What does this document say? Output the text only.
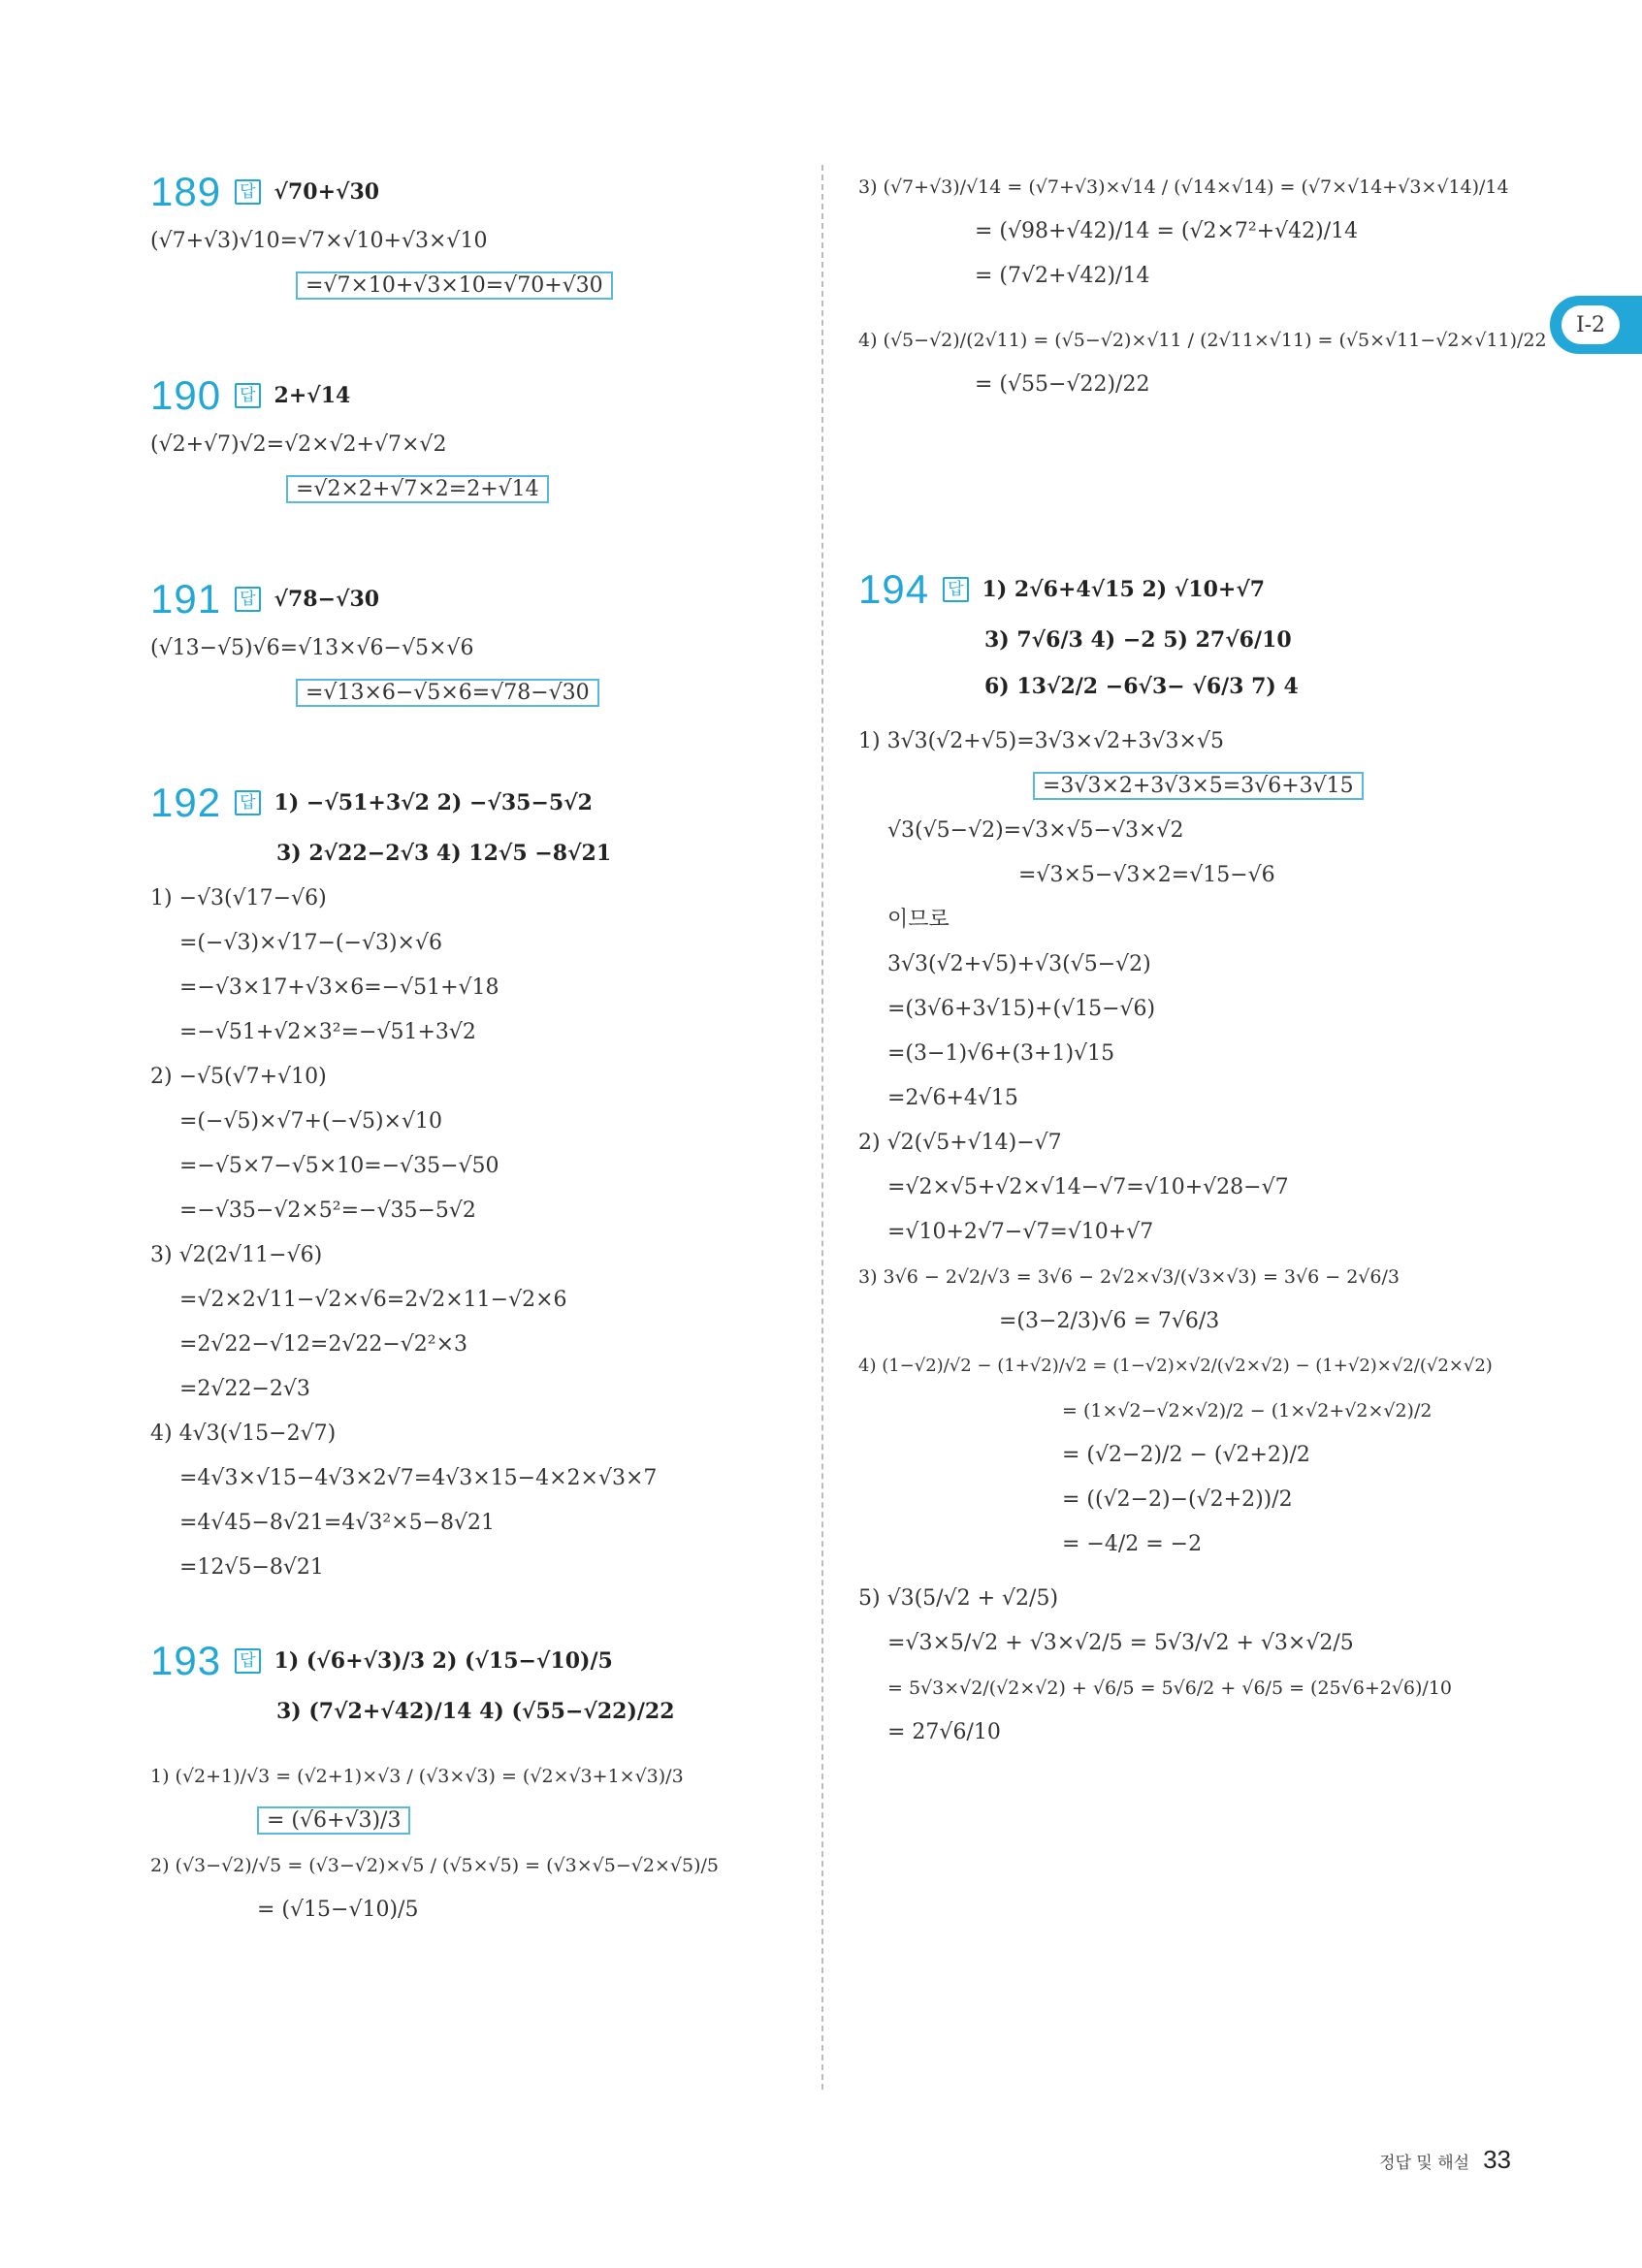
I-2
189 답 √70+√30
(√7+√3)√10=√7×√10+√3×√10
=√7×10+√3×10=√70+√30
190 답 2+√14
(√2+√7)√2=√2×√2+√7×√2
=√2×2+√7×2=2+√14
191 답 √78−√30
(√13−√5)√6=√13×√6−√5×√6
=√13×6−√5×6=√78−√30
192 답 1) −√51+3√2 2) −√35−5√2
3) 2√22−2√3 4) 12√5 −8√21
1) −√3(√17−√6)
=(−√3)×√17−(−√3)×√6
=−√3×17+√3×6=−√51+√18
=−√51+√2×3²=−√51+3√2
2) −√5(√7+√10)
=(−√5)×√7+(−√5)×√10
=−√5×7−√5×10=−√35−√50
=−√35−√2×5²=−√35−5√2
3) √2(2√11−√6)
=√2×2√11−√2×√6=2√2×11−√2×6
=2√22−√12=2√22−√2²×3
=2√22−2√3
4) 4√3(√15−2√7)
=4√3×√15−4√3×2√7=4√3×15−4×2×√3×7
=4√45−8√21=4√3²×5−8√21
=12√5−8√21
193 답 1) (√6+√3)/3 2) (√15−√10)/5
3) (7√2+√42)/14 4) (√55−√22)/22
1) (√2+1)/√3 = (√2+1)×√3 / (√3×√3) = (√2×√3+1×√3)/3
= (√6+√3)/3
2) (√3−√2)/√5 = (√3−√2)×√5 / (√5×√5) = (√3×√5−√2×√5)/5
= (√15−√10)/5
3) (√7+√3)/√14 = (√7+√3)×√14 / (√14×√14) = (√7×√14+√3×√14)/14
= (√98+√42)/14 = (√2×7²+√42)/14
= (7√2+√42)/14
4) (√5−√2)/(2√11) = (√5−√2)×√11 / (2√11×√11) = (√5×√11−√2×√11)/22
= (√55−√22)/22
194 답 1) 2√6+4√15 2) √10+√7
3) 7√6/3 4) −2 5) 27√6/10
6) 13√2/2 −6√3− √6/3 7) 4
1) 3√3(√2+√5)=3√3×√2+3√3×√5
=3√3×2+3√3×5=3√6+3√15
√3(√5−√2)=√3×√5−√3×√2
=√3×5−√3×2=√15−√6
이므로
3√3(√2+√5)+√3(√5−√2)
=(3√6+3√15)+(√15−√6)
=(3−1)√6+(3+1)√15
=2√6+4√15
2) √2(√5+√14)−√7
=√2×√5+√2×√14−√7=√10+√28−√7
=√10+2√7−√7=√10+√7
3) 3√6 − 2√2/√3 = 3√6 − 2√2×√3/(√3×√3) = 3√6 − 2√6/3
=(3−2/3)√6 = 7√6/3
4) (1−√2)/√2 − (1+√2)/√2 = (1−√2)×√2/(√2×√2) − (1+√2)×√2/(√2×√2)
= (1×√2−√2×√2)/2 − (1×√2+√2×√2)/2
= (√2−2)/2 − (√2+2)/2
= ((√2−2)−(√2+2))/2
= −4/2 = −2
5) √3(5/√2 + √2/5)
=√3×5/√2 + √3×√2/5 = 5√3/√2 + √3×√2/5
= 5√3×√2/(√2×√2) + √6/5 = 5√6/2 + √6/5 = (25√6+2√6)/10
= 27√6/10
정답 및 해설 33
